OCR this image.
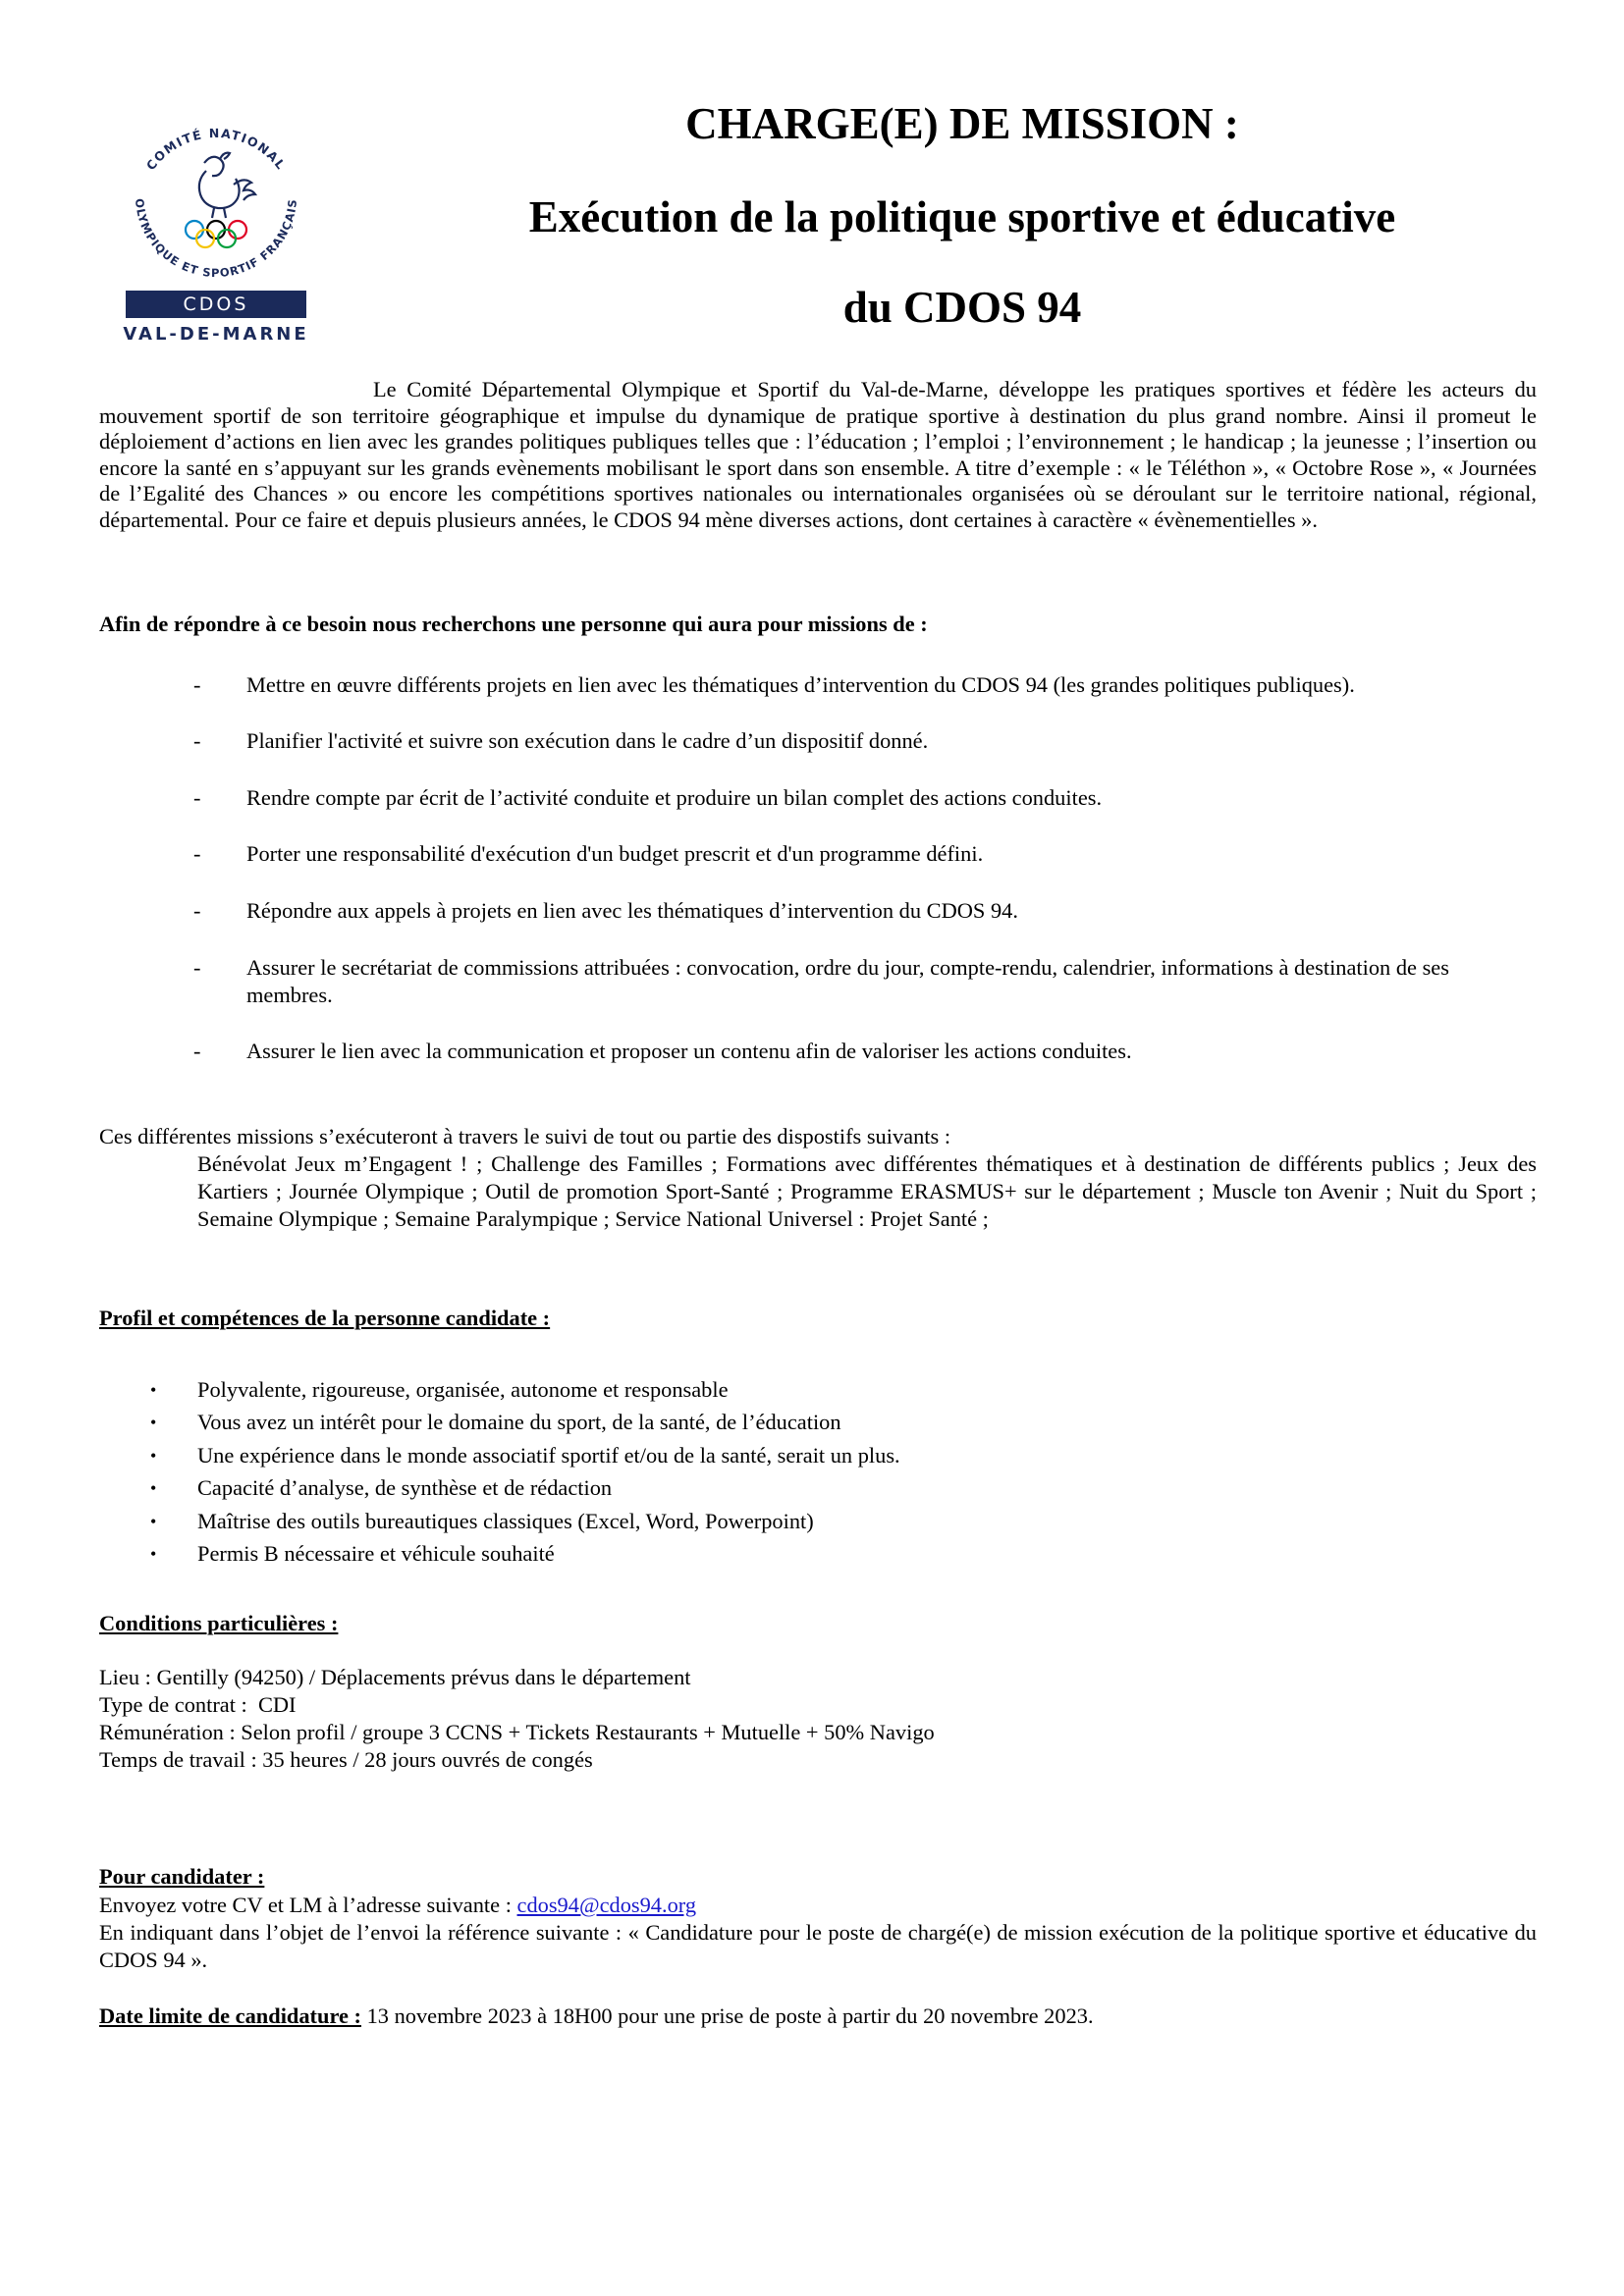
COMITÉ NATIONAL
OLYMPIQUE ET SPORTIF FRANÇAIS
CDOS
VAL-DE-MARNE
CHARGE(E) DE MISSION :
Exécution de la politique sportive et éducative
du CDOS 94
Le Comité Départemental Olympique et Sportif du Val-de-Marne, développe les pratiques sportives et fédère les acteurs du mouvement sportif de son territoire géographique et impulse du dynamique de pratique sportive à destination du plus grand nombre. Ainsi il promeut le déploiement d’actions en lien avec les grandes politiques publiques telles que : l’éducation ; l’emploi ; l’environnement ; le handicap ; la jeunesse ; l’insertion ou encore la santé en s’appuyant sur les grands evènements mobilisant le sport dans son ensemble. A titre d’exemple : « le Téléthon », « Octobre Rose », « Journées de l’Egalité des Chances » ou encore les compétitions sportives nationales ou internationales organisées où se déroulant sur le territoire national, régional, départemental. Pour ce faire et depuis plusieurs années, le CDOS 94 mène diverses actions, dont certaines à caractère « évènementielles ».
Afin de répondre à ce besoin nous recherchons une personne qui aura pour missions de :
- Mettre en œuvre différents projets en lien avec les thématiques d’intervention du CDOS 94 (les grandes politiques publiques).
- Planifier l'activité et suivre son exécution dans le cadre d’un dispositif donné.
- Rendre compte par écrit de l’activité conduite et produire un bilan complet des actions conduites.
- Porter une responsabilité d'exécution d'un budget prescrit et d'un programme défini.
- Répondre aux appels à projets en lien avec les thématiques d’intervention du CDOS 94.
- Assurer le secrétariat de commissions attribuées : convocation, ordre du jour, compte-rendu, calendrier, informations à destination de ses membres.
- Assurer le lien avec la communication et proposer un contenu afin de valoriser les actions conduites.
Ces différentes missions s’exécuteront à travers le suivi de tout ou partie des dispostifs suivants :
Bénévolat Jeux m’Engagent ! ; Challenge des Familles ; Formations avec différentes thématiques et à destination de différents publics ; Jeux des Kartiers ; Journée Olympique ; Outil de promotion Sport-Santé ; Programme ERASMUS+ sur le département ; Muscle ton Avenir ; Nuit du Sport ; Semaine Olympique ; Semaine Paralympique ; Service National Universel : Projet Santé ;
Profil et compétences de la personne candidate :
• Polyvalente, rigoureuse, organisée, autonome et responsable
• Vous avez un intérêt pour le domaine du sport, de la santé, de l’éducation
• Une expérience dans le monde associatif sportif et/ou de la santé, serait un plus.
• Capacité d’analyse, de synthèse et de rédaction
• Maîtrise des outils bureautiques classiques (Excel, Word, Powerpoint)
• Permis B nécessaire et véhicule souhaité
Conditions particulières :
Lieu : Gentilly (94250) / Déplacements prévus dans le département
Type de contrat :  CDI
Rémunération : Selon profil / groupe 3 CCNS + Tickets Restaurants + Mutuelle + 50% Navigo
Temps de travail : 35 heures / 28 jours ouvrés de congés
Pour candidater :
Envoyez votre CV et LM à l’adresse suivante : cdos94@cdos94.org
En indiquant dans l’objet de l’envoi la référence suivante : « Candidature pour le poste de chargé(e) de mission exécution de la politique sportive et éducative du CDOS 94 ».
Date limite de candidature : 13 novembre 2023 à 18H00 pour une prise de poste à partir du 20 novembre 2023.
